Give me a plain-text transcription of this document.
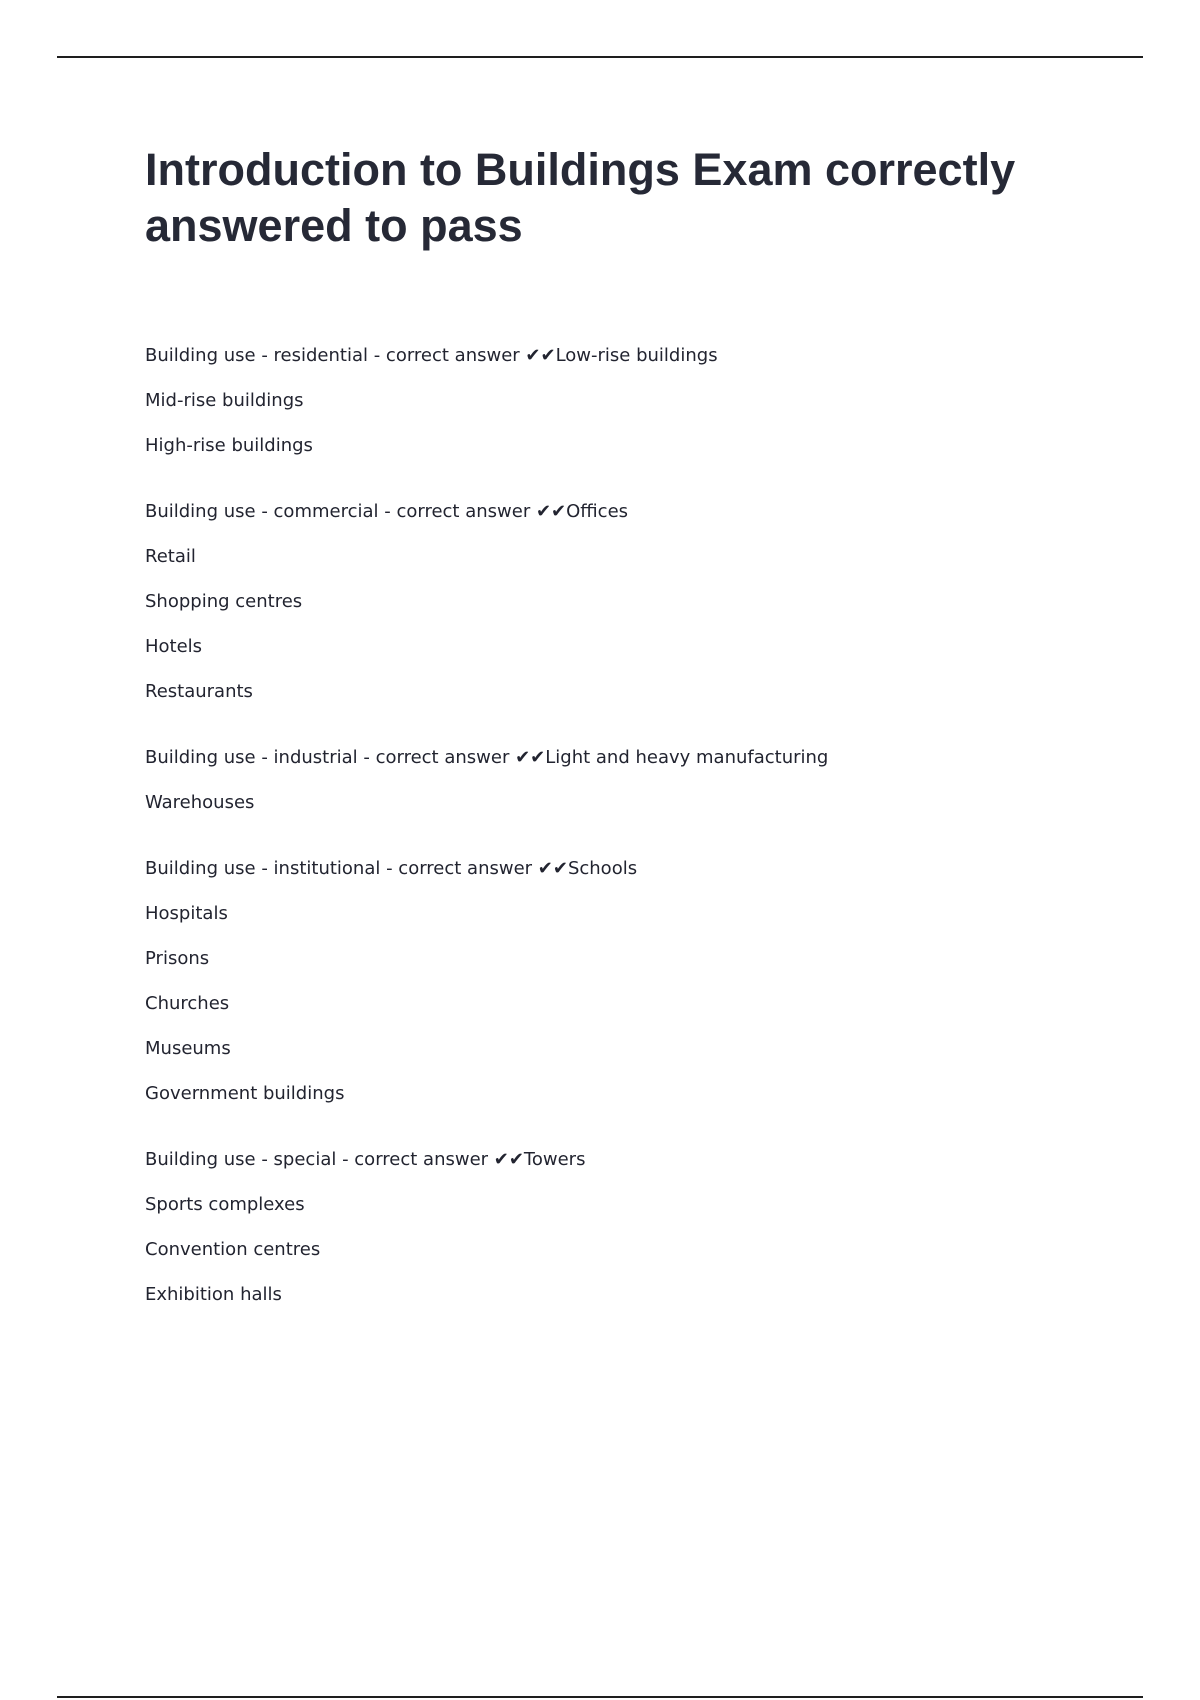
Introduction to Buildings Exam correctly answered to pass
Building use - residential - correct answer ✔✔Low-rise buildings
Mid-rise buildings
High-rise buildings
Building use - commercial - correct answer ✔✔Offices
Retail
Shopping centres
Hotels
Restaurants
Building use - industrial - correct answer ✔✔Light and heavy manufacturing
Warehouses
Building use - institutional - correct answer ✔✔Schools
Hospitals
Prisons
Churches
Museums
Government buildings
Building use - special - correct answer ✔✔Towers
Sports complexes
Convention centres
Exhibition halls
